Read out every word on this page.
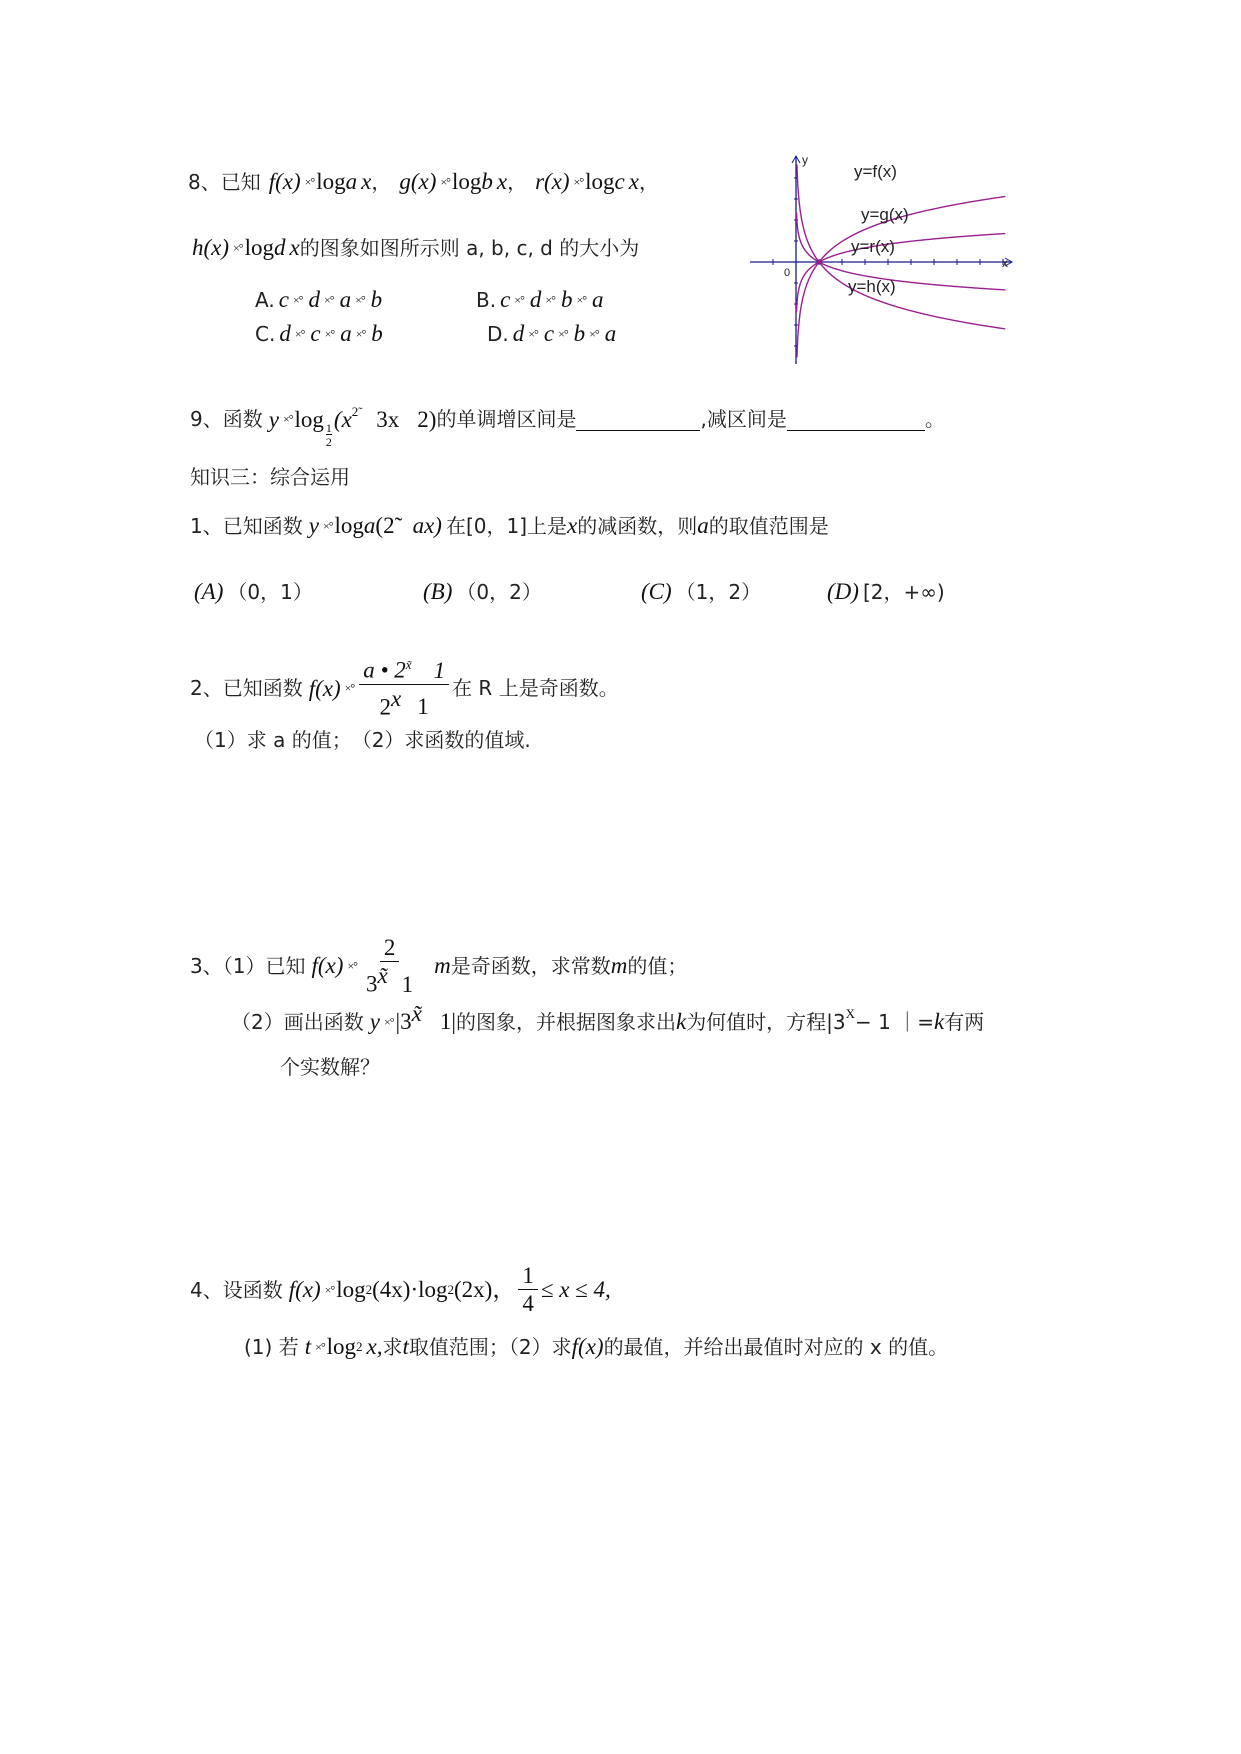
8、已知 f(x) ×° log a x ， g(x) ×° log b x ， r(x) ×° log c x ，
h(x) ×° log d x 的图象如图所示则 a, b, c, d 的大小为
A. c ×° d ×° a ×° b	B. c ×° d ×° b ×° a
C. d ×° c ×° a ×° b	D. d ×° c ×° b ×° a
y=f(x)
y=g(x)
y=r(x)
y=h(x)
x
y
0
9、函数 y ×° log
$\frac{1}{2}$
($x^{2̃}$ 3x 2) 的单调增区间是	,减区间是	。
知识三：综合运用
1、已知函数 y ×° log a (2̃ ax) 在[0，1]上是 x 的减函数，则 a 的取值范围是
(A) （0，1）	(B) （0，2）	(C) （1，2）	(D) [2，+∞)
2、已知函数 f(x) ×° $\frac{a • 2^{x̃} 1}{2^x 1}$ 在 R 上是奇函数。
（1）求 a 的值；　（2）求函数的值域.
3、（1）已知 f(x) ×° $\frac{2}{3^{x̃} 1}$ m 是奇函数，求常数 m 的值；
（2）画出函数 y ×° $|3^{x̃}$ 1| 的图象，并根据图象求出 k 为何值时，方程$|3^X - 1$ ｜= k 有两
个实数解？
4、设函数 f(x) ×° log 2 (4x)·log 2 (2x)， $\frac{1}{4} \le x \le 4$,
(1) 若 t ×° log 2 x, 求 t 取值范围；（2）求 f(x) 的最值，并给出最值时对应的 x 的值。
